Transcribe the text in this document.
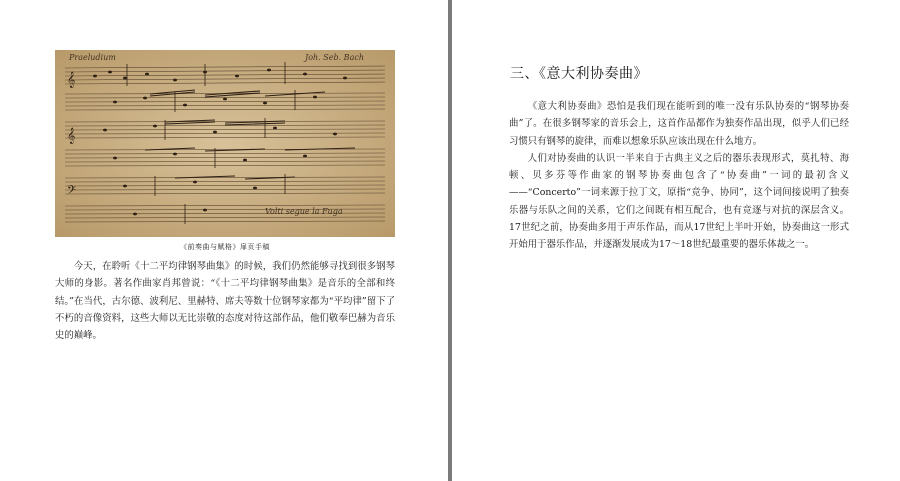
Praeludium	Joh. Seb. Bach
Volti segue la Fuga
𝄞
𝄞
𝄢
《前奏曲与赋格》扉页手稿

今天，在聆听《十二平均律钢琴曲集》的时候，我们仍然能够寻找到很多钢琴大师的身影。著名作曲家肖邦曾说：“《十二平均律钢琴曲集》是音乐的全部和终结。”在当代，古尔德、波利尼、里赫特、席夫等数十位钢琴家都为“平均律”留下了不朽的音像资料，这些大师以无比崇敬的态度对待这部作品，他们敬奉巴赫为音乐史的巅峰。

三、《意大利协奏曲》

《意大利协奏曲》恐怕是我们现在能听到的唯一没有乐队协奏的“钢琴协奏曲”了。在很多钢琴家的音乐会上，这首作品都作为独奏作品出现，似乎人们已经习惯只有钢琴的旋律，而难以想象乐队应该出现在什么地方。

人们对协奏曲的认识一半来自于古典主义之后的器乐表现形式，莫扎特、海顿、贝多芬等作曲家的钢琴协奏曲包含了“协奏曲”一词的最初含义——“Concerto”一词来源于拉丁文，原指“竞争、协同”，这个词间接说明了独奏乐器与乐队之间的关系，它们之间既有相互配合，也有竞逐与对抗的深层含义。17世纪之前，协奏曲多用于声乐作品，而从17世纪上半叶开始，协奏曲这一形式开始用于器乐作品，并逐渐发展成为17～18世纪最重要的器乐体裁之一。
